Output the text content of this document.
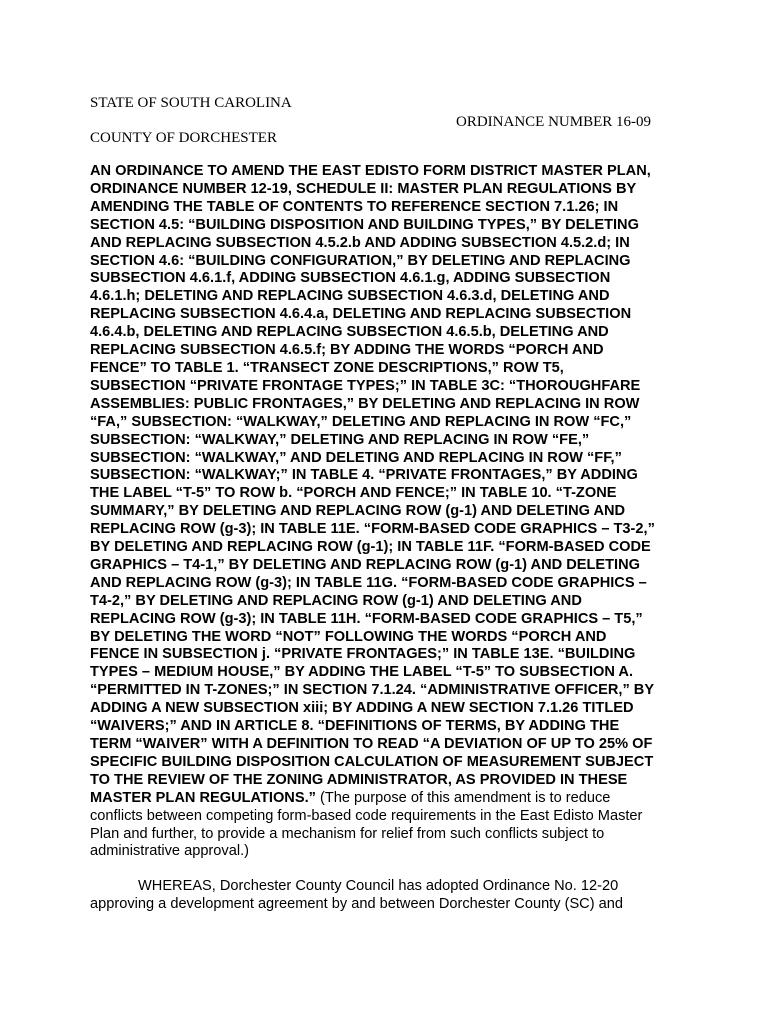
STATE OF SOUTH CAROLINA
ORDINANCE NUMBER 16-09
COUNTY OF DORCHESTER
AN ORDINANCE TO AMEND THE EAST EDISTO FORM DISTRICT MASTER PLAN,
ORDINANCE NUMBER 12-19, SCHEDULE II: MASTER PLAN REGULATIONS BY
AMENDING THE TABLE OF CONTENTS TO REFERENCE SECTION 7.1.26; IN
SECTION 4.5: “BUILDING DISPOSITION AND BUILDING TYPES,” BY DELETING
AND REPLACING SUBSECTION 4.5.2.b AND ADDING SUBSECTION 4.5.2.d; IN
SECTION 4.6: “BUILDING CONFIGURATION,” BY DELETING AND REPLACING
SUBSECTION 4.6.1.f, ADDING SUBSECTION 4.6.1.g, ADDING SUBSECTION
4.6.1.h; DELETING AND REPLACING SUBSECTION 4.6.3.d, DELETING AND
REPLACING SUBSECTION 4.6.4.a, DELETING AND REPLACING SUBSECTION
4.6.4.b, DELETING AND REPLACING SUBSECTION 4.6.5.b, DELETING AND
REPLACING SUBSECTION 4.6.5.f; BY ADDING THE WORDS “PORCH AND
FENCE” TO TABLE 1. “TRANSECT ZONE DESCRIPTIONS,” ROW T5,
SUBSECTION “PRIVATE FRONTAGE TYPES;” IN TABLE 3C: “THOROUGHFARE
ASSEMBLIES: PUBLIC FRONTAGES,” BY DELETING AND REPLACING IN ROW
“FA,” SUBSECTION: “WALKWAY,” DELETING AND REPLACING IN ROW “FC,”
SUBSECTION: “WALKWAY,” DELETING AND REPLACING IN ROW “FE,”
SUBSECTION: “WALKWAY,” AND DELETING AND REPLACING IN ROW “FF,”
SUBSECTION: “WALKWAY;” IN TABLE 4. “PRIVATE FRONTAGES,” BY ADDING
THE LABEL “T-5” TO ROW b. “PORCH AND FENCE;” IN TABLE 10. “T-ZONE
SUMMARY,” BY DELETING AND REPLACING ROW (g-1) AND DELETING AND
REPLACING ROW (g-3); IN TABLE 11E. “FORM-BASED CODE GRAPHICS – T3-2,”
BY DELETING AND REPLACING ROW (g-1); IN TABLE 11F. “FORM-BASED CODE
GRAPHICS – T4-1,” BY DELETING AND REPLACING ROW (g-1) AND DELETING
AND REPLACING ROW (g-3); IN TABLE 11G. “FORM-BASED CODE GRAPHICS –
T4-2,” BY DELETING AND REPLACING ROW (g-1) AND DELETING AND
REPLACING ROW (g-3); IN TABLE 11H. “FORM-BASED CODE GRAPHICS – T5,”
BY DELETING THE WORD “NOT” FOLLOWING THE WORDS “PORCH AND
FENCE IN SUBSECTION j. “PRIVATE FRONTAGES;” IN TABLE 13E. “BUILDING
TYPES – MEDIUM HOUSE,” BY ADDING THE LABEL “T-5” TO SUBSECTION A.
“PERMITTED IN T-ZONES;” IN SECTION 7.1.24. “ADMINISTRATIVE OFFICER,” BY
ADDING A NEW SUBSECTION xiii; BY ADDING A NEW SECTION 7.1.26 TITLED
“WAIVERS;” AND IN ARTICLE 8. “DEFINITIONS OF TERMS, BY ADDING THE
TERM “WAIVER” WITH A DEFINITION TO READ “A DEVIATION OF UP TO 25% OF
SPECIFIC BUILDING DISPOSITION CALCULATION OF MEASUREMENT SUBJECT
TO THE REVIEW OF THE ZONING ADMINISTRATOR, AS PROVIDED IN THESE
MASTER PLAN REGULATIONS.” (The purpose of this amendment is to reduce
conflicts between competing form-based code requirements in the East Edisto Master
Plan and further, to provide a mechanism for relief from such conflicts subject to
administrative approval.)
WHEREAS, Dorchester County Council has adopted Ordinance No. 12-20
approving a development agreement by and between Dorchester County (SC) and
